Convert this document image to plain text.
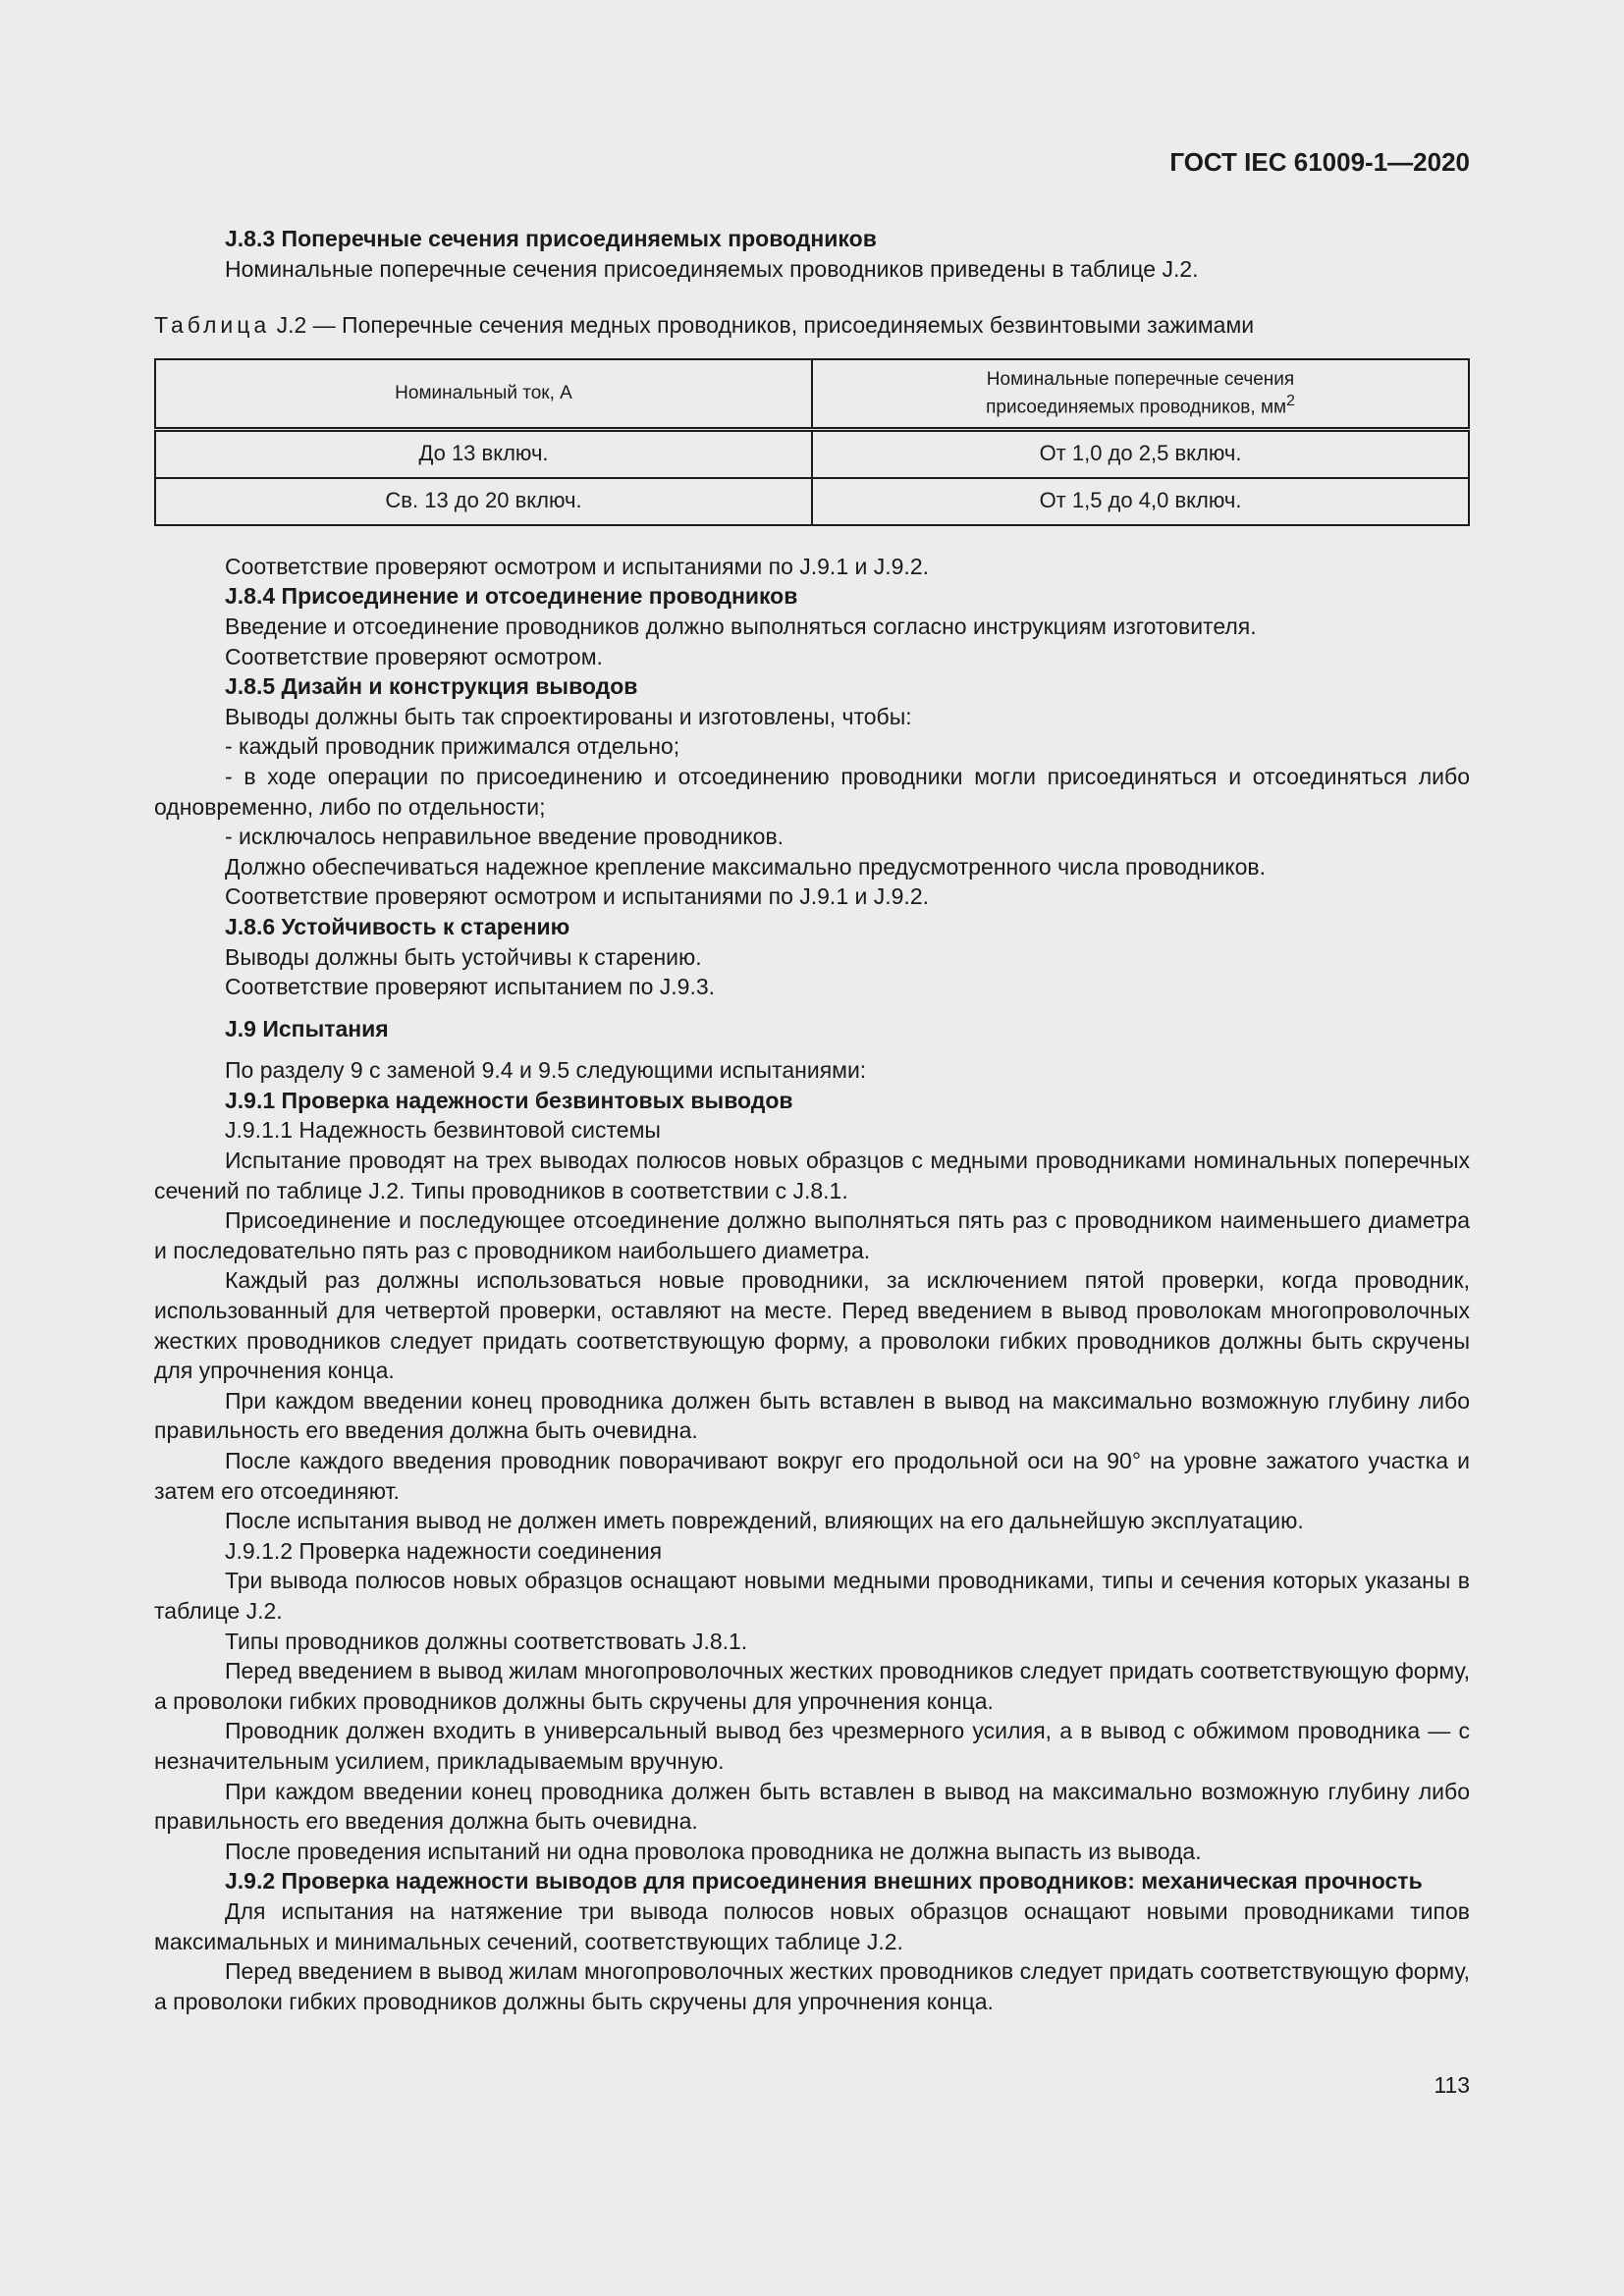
ГОСТ IEC 61009-1—2020

J.8.3 Поперечные сечения присоединяемых проводников

Номинальные поперечные сечения присоединяемых проводников приведены в таблице J.2.

Таблица J.2 — Поперечные сечения медных проводников, присоединяемых безвинтовыми зажимами

Номинальный ток, А	Номинальные поперечные сечения
присоединяемых проводников, $мм^2$
До 13 включ.	От 1,0 до 2,5 включ.
Св. 13 до 20 включ.	От 1,5 до 4,0 включ.

Соответствие проверяют осмотром и испытаниями по J.9.1 и J.9.2.

J.8.4 Присоединение и отсоединение проводников

Введение и отсоединение проводников должно выполняться согласно инструкциям изготовителя.

Соответствие проверяют осмотром.

J.8.5 Дизайн и конструкция выводов

Выводы должны быть так спроектированы и изготовлены, чтобы:

- каждый проводник прижимался отдельно;

- в ходе операции по присоединению и отсоединению проводники могли присоединяться и отсоединяться либо одновременно, либо по отдельности;

- исключалось неправильное введение проводников.

Должно обеспечиваться надежное крепление максимально предусмотренного числа проводников.

Соответствие проверяют осмотром и испытаниями по J.9.1 и J.9.2.

J.8.6 Устойчивость к старению

Выводы должны быть устойчивы к старению.

Соответствие проверяют испытанием по J.9.3.

J.9 Испытания

По разделу 9 с заменой 9.4 и 9.5 следующими испытаниями:

J.9.1 Проверка надежности безвинтовых выводов

J.9.1.1 Надежность безвинтовой системы

Испытание проводят на трех выводах полюсов новых образцов с медными проводниками номинальных поперечных сечений по таблице J.2. Типы проводников в соответствии с J.8.1.

Присоединение и последующее отсоединение должно выполняться пять раз с проводником наименьшего диаметра и последовательно пять раз с проводником наибольшего диаметра.

Каждый раз должны использоваться новые проводники, за исключением пятой проверки, когда проводник, использованный для четвертой проверки, оставляют на месте. Перед введением в вывод проволокам многопроволочных жестких проводников следует придать соответствующую форму, а проволоки гибких проводников должны быть скручены для упрочнения конца.

При каждом введении конец проводника должен быть вставлен в вывод на максимально возможную глубину либо правильность его введения должна быть очевидна.

После каждого введения проводник поворачивают вокруг его продольной оси на 90° на уровне зажатого участка и затем его отсоединяют.

После испытания вывод не должен иметь повреждений, влияющих на его дальнейшую эксплуатацию.

J.9.1.2 Проверка надежности соединения

Три вывода полюсов новых образцов оснащают новыми медными проводниками, типы и сечения которых указаны в таблице J.2.

Типы проводников должны соответствовать J.8.1.

Перед введением в вывод жилам многопроволочных жестких проводников следует придать соответствующую форму, а проволоки гибких проводников должны быть скручены для упрочнения конца.

Проводник должен входить в универсальный вывод без чрезмерного усилия, а в вывод с обжимом проводника — с незначительным усилием, прикладываемым вручную.

При каждом введении конец проводника должен быть вставлен в вывод на максимально возможную глубину либо правильность его введения должна быть очевидна.

После проведения испытаний ни одна проволока проводника не должна выпасть из вывода.

J.9.2 Проверка надежности выводов для присоединения внешних проводников: механическая прочность

Для испытания на натяжение три вывода полюсов новых образцов оснащают новыми проводниками типов максимальных и минимальных сечений, соответствующих таблице J.2.

Перед введением в вывод жилам многопроволочных жестких проводников следует придать соответствующую форму, а проволоки гибких проводников должны быть скручены для упрочнения конца.

113
